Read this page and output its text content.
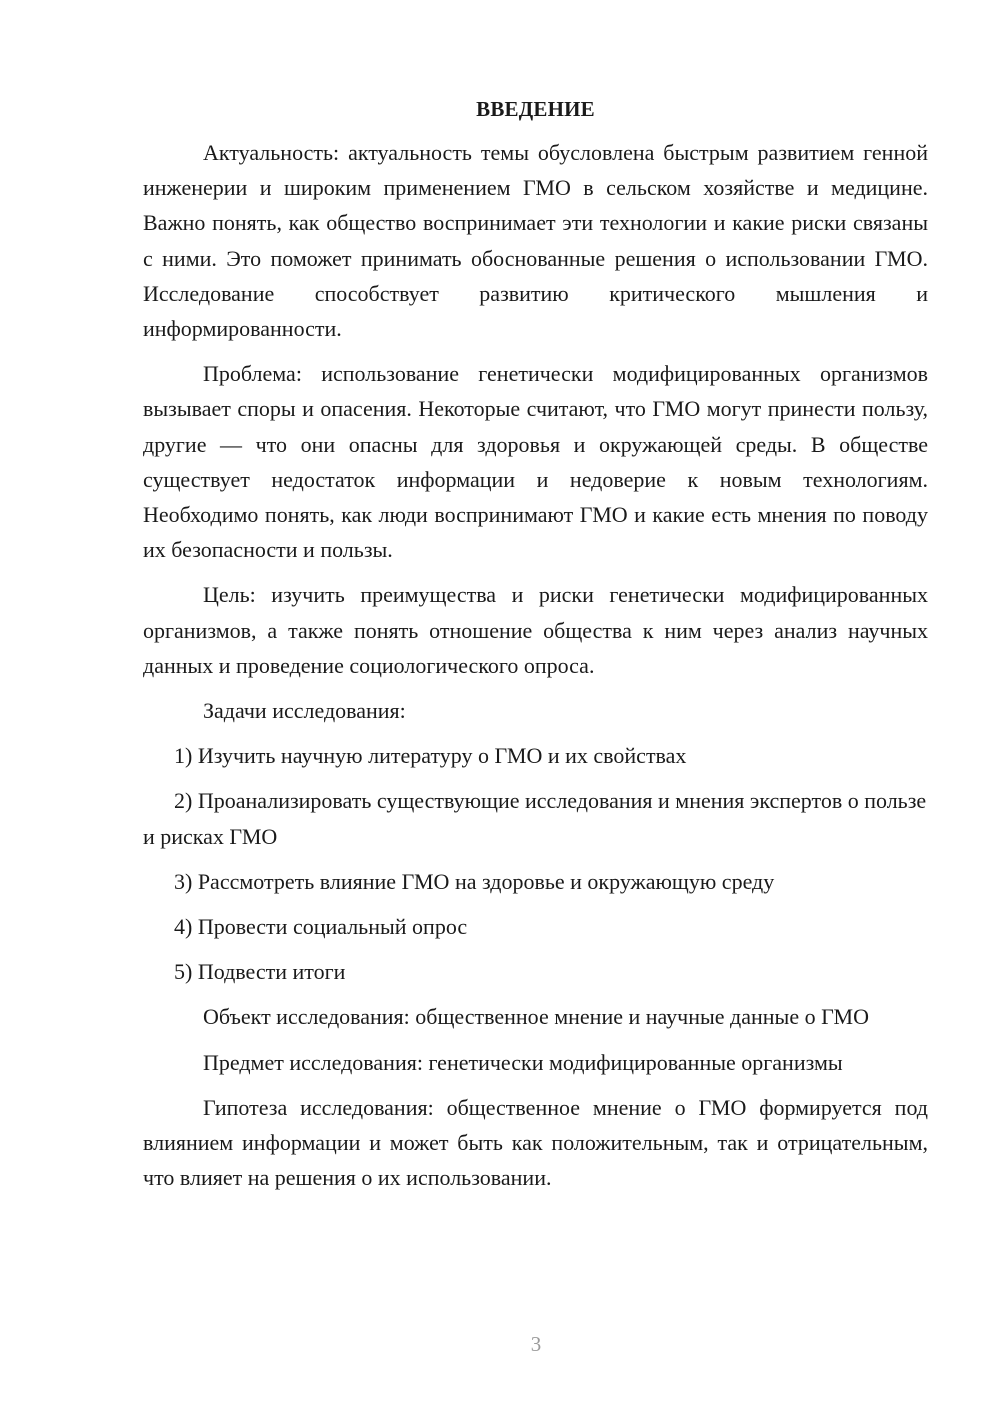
ВВЕДЕНИЕ

Актуальность: актуальность темы обусловлена быстрым развитием генной инженерии и широким применением ГМО в сельском хозяйстве и медицине. Важно понять, как общество воспринимает эти технологии и какие риски связаны с ними. Это поможет принимать обоснованные решения о использовании ГМО. Исследование способствует развитию критического мышления и информированности.

Проблема: использование генетически модифицированных организмов вызывает споры и опасения. Некоторые считают, что ГМО могут принести пользу, другие — что они опасны для здоровья и окружающей среды. В обществе существует недостаток информации и недоверие к новым технологиям. Необходимо понять, как люди воспринимают ГМО и какие есть мнения по поводу их безопасности и пользы.

Цель: изучить преимущества и риски генетически модифицированных организмов, а также понять отношение общества к ним через анализ научных данных и проведение социологического опроса.

Задачи исследования:

1) Изучить научную литературу о ГМО и их свойствах

2) Проанализировать существующие исследования и мнения экспертов о пользе и рисках ГМО

3) Рассмотреть влияние ГМО на здоровье и окружающую среду

4) Провести социальный опрос

5) Подвести итоги

Объект исследования: общественное мнение и научные данные о ГМО

Предмет исследования: генетически модифицированные организмы

Гипотеза исследования: общественное мнение о ГМО формируется под влиянием информации и может быть как положительным, так и отрицательным, что влияет на решения о их использовании.

3
